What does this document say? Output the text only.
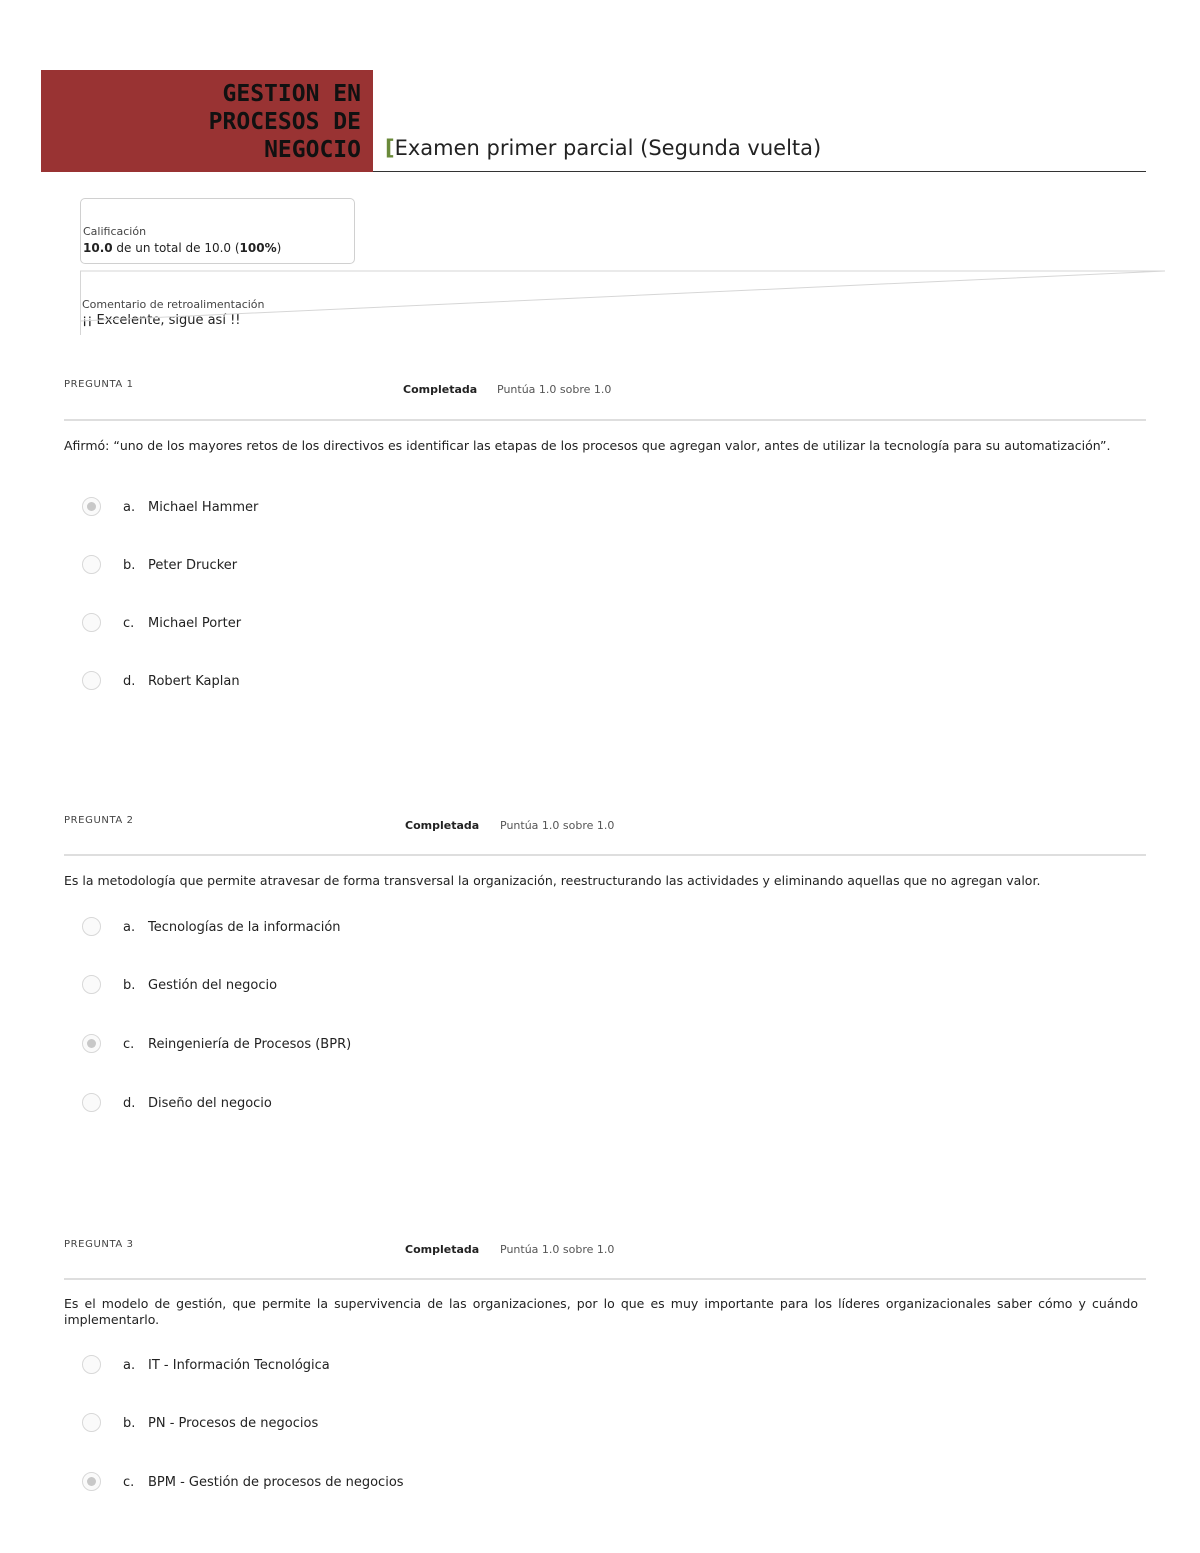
GESTION EN
PROCESOS DE
NEGOCIO [Examen primer parcial (Segunda vuelta)
Calificación
10.0 de un total de 10.0 (100%)
Comentario de retroalimentación
¡¡ Excelente, sigue así !!
PREGUNTA 1	Completada Puntúa 1.0 sobre 1.0
Afirmó: “uno de los mayores retos de los directivos es identificar las etapas de los procesos que agregan valor, antes de utilizar la tecnología para su automatización”.
a. Michael Hammer
b. Peter Drucker
c. Michael Porter
d. Robert Kaplan
PREGUNTA 2	Completada Puntúa 1.0 sobre 1.0
Es la metodología que permite atravesar de forma transversal la organización, reestructurando las actividades y eliminando aquellas que no agregan valor.
a. Tecnologías de la información
b. Gestión del negocio
c. Reingeniería de Procesos (BPR)
d. Diseño del negocio
PREGUNTA 3	Completada Puntúa 1.0 sobre 1.0
Es el modelo de gestión, que permite la supervivencia de las organizaciones, por lo que es muy importante para los líderes organizacionales saber cómo y cuándo implementarlo.
a. IT - Información Tecnológica
b. PN - Procesos de negocios
c. BPM - Gestión de procesos de negocios
